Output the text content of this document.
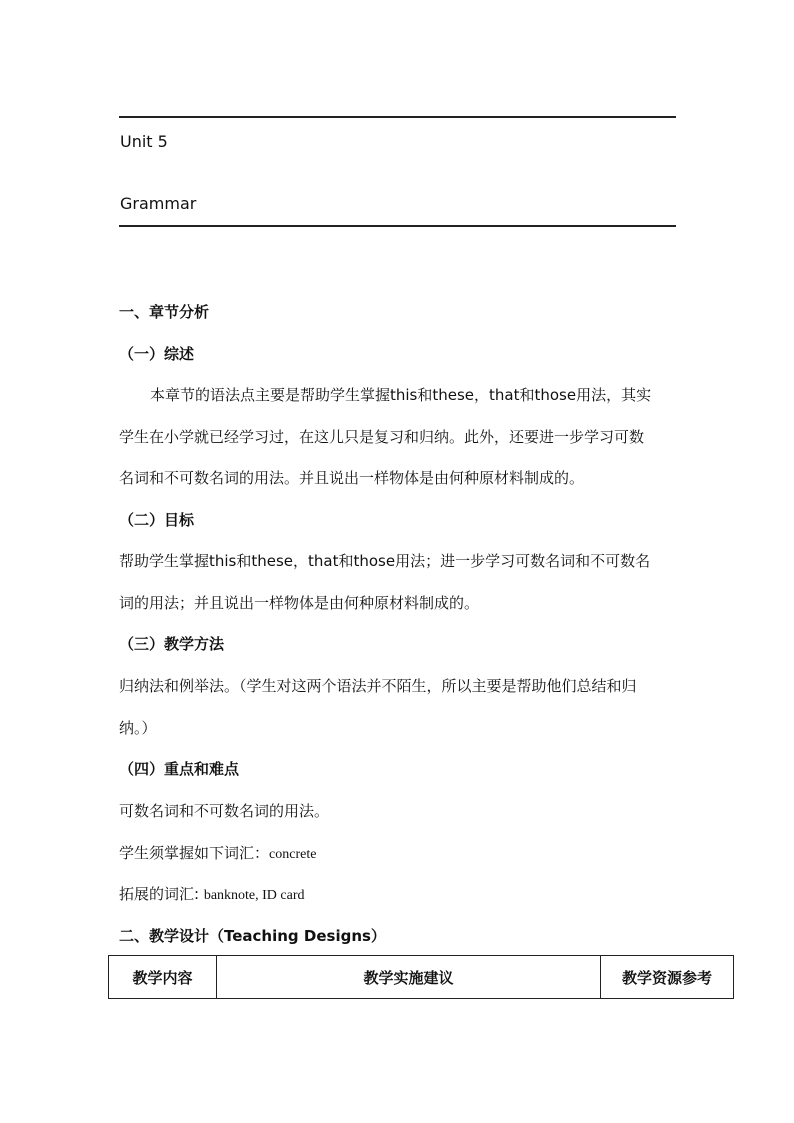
Unit 5
Grammar
一、章节分析
（一）综述
本章节的语法点主要是帮助学生掌握this和these，that和those用法，其实
学生在小学就已经学习过，在这儿只是复习和归纳。此外，还要进一步学习可数
名词和不可数名词的用法。并且说出一样物体是由何种原材料制成的。
（二）目标
帮助学生掌握this和these，that和those用法；进一步学习可数名词和不可数名
词的用法；并且说出一样物体是由何种原材料制成的。
（三）教学方法
归纳法和例举法。（学生对这两个语法并不陌生，所以主要是帮助他们总结和归
纳。）
（四）重点和难点
可数名词和不可数名词的用法。
学生须掌握如下词汇：concrete
拓展的词汇: banknote, ID card
二、教学设计（Teaching Designs）
教学内容	教学实施建议	教学资源参考
